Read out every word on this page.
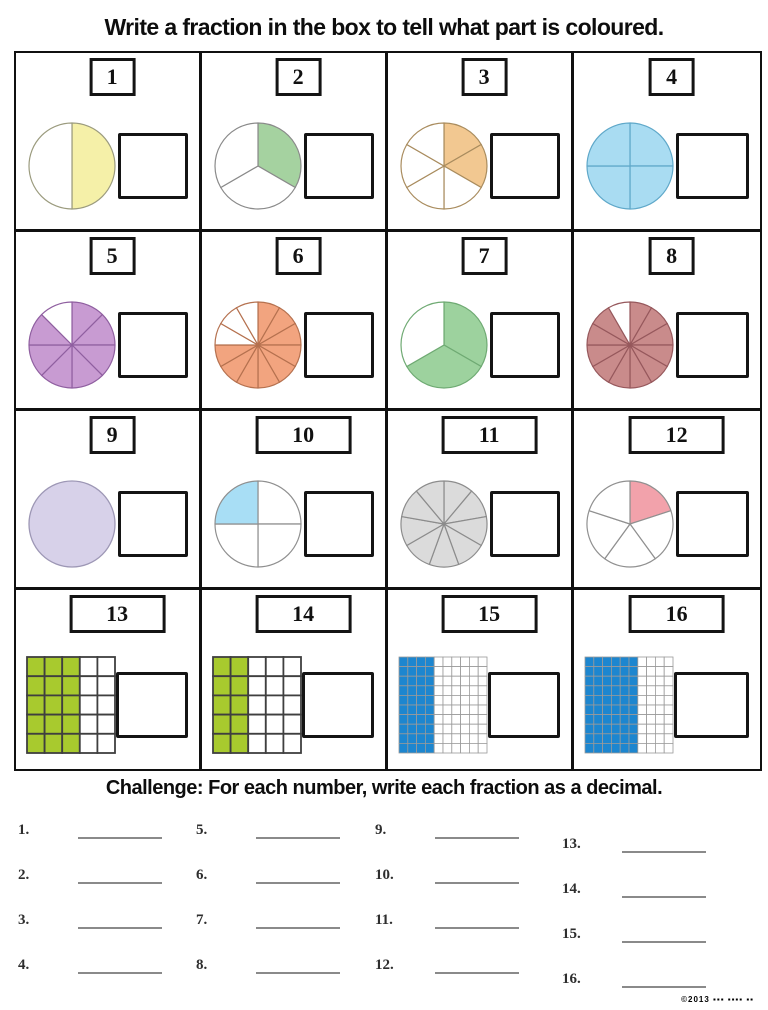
Write a fraction in the box to tell what part is coloured.
1	2	3	4
5	6	7	8
9	10	11	12
13	14	15	16
Challenge: For each number, write each fraction as a decimal.
1.
2.
3.
4.
5.
6.
7.
8.
9.
10.
11.
12.
13.
14.
15.
16.
©2013 ▪▪▪ ▪▪▪▪ ▪▪
